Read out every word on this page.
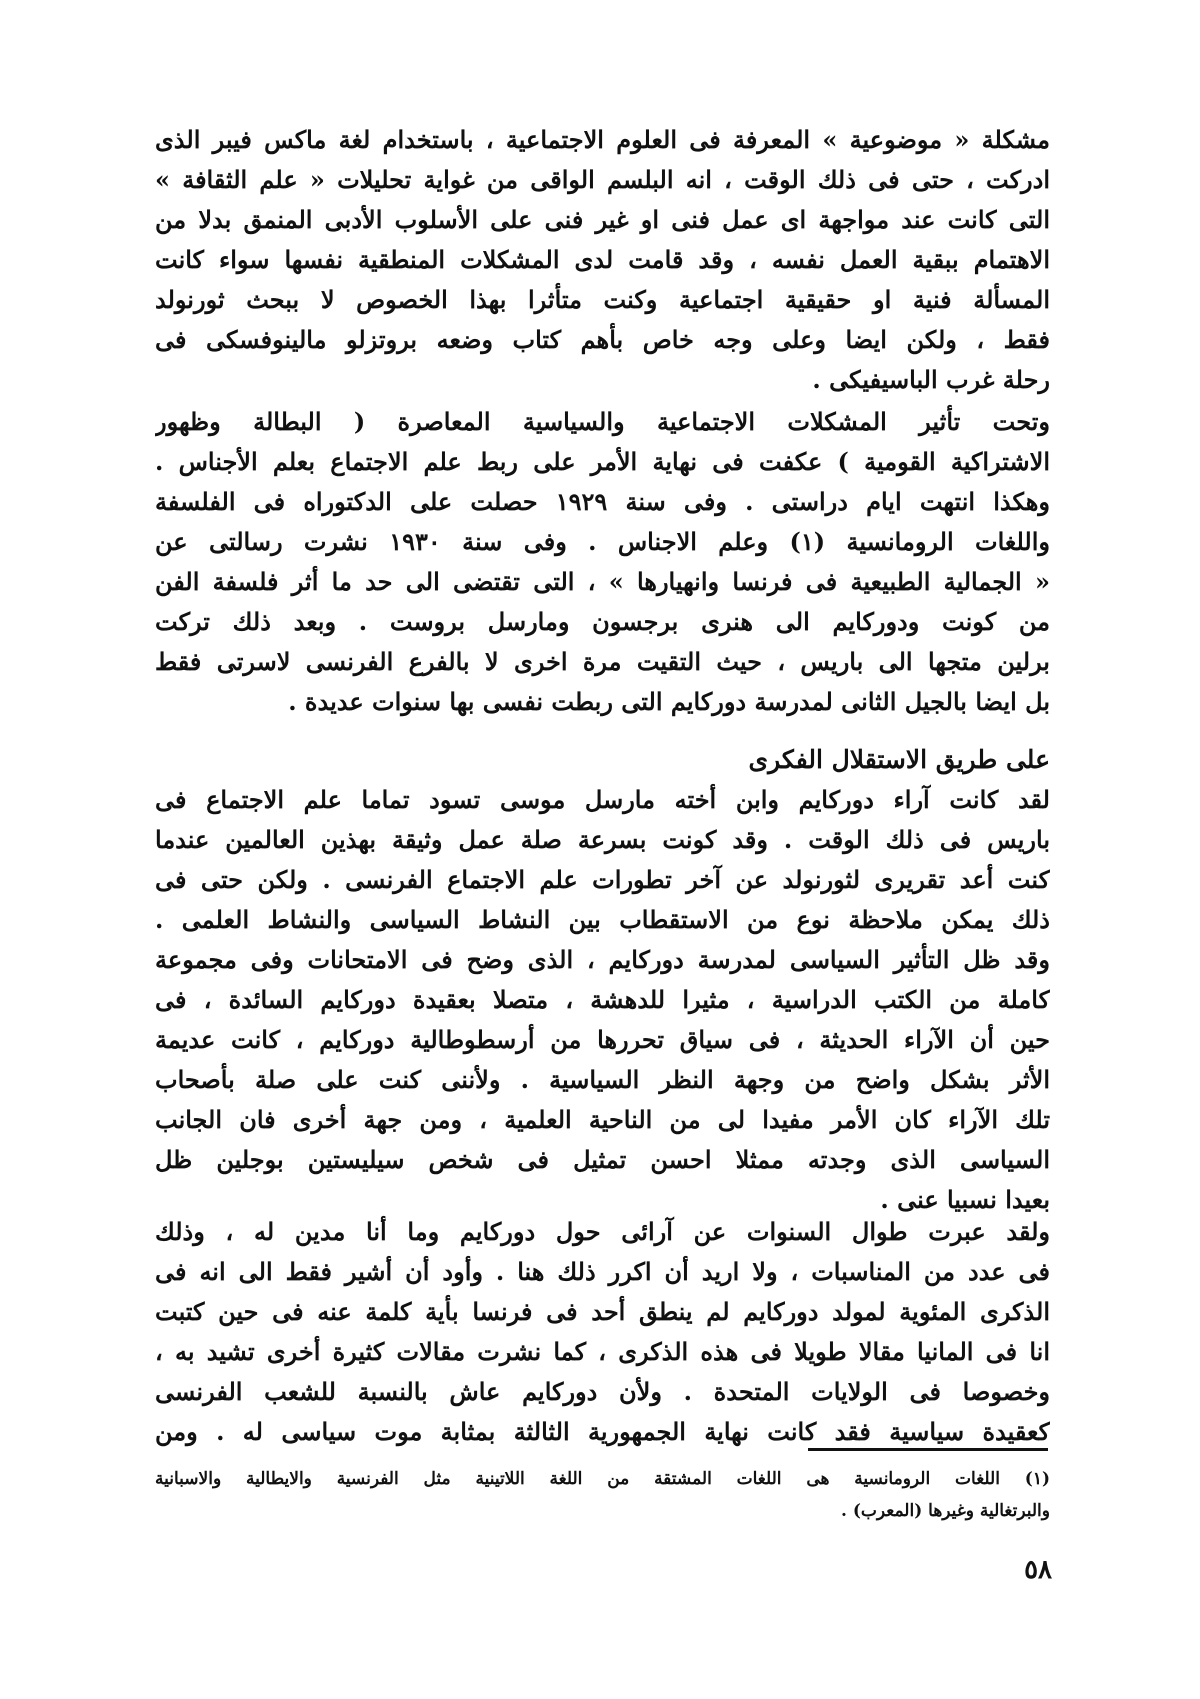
مشكلة « موضوعية » المعرفة فى العلوم الاجتماعية ، باستخدام لغة ماكس فيبر الذى
ادركت ، حتى فى ذلك الوقت ، انه البلسم الواقى من غواية تحليلات « علم الثقافة »
التى كانت عند مواجهة اى عمل فنى او غير فنى على الأسلوب الأدبى المنمق بدلا من
الاهتمام ببقية العمل نفسه ، وقد قامت لدى المشكلات المنطقية نفسها سواء كانت
المسألة فنية او حقيقية اجتماعية وكنت متأثرا بهذا الخصوص لا ببحث ثورنولد
فقط ، ولكن ايضا وعلى وجه خاص بأهم كتاب وضعه بروتزلو مالينوفسكى فى
رحلة غرب الباسيفيكى .
وتحت تأثير المشكلات الاجتماعية والسياسية المعاصرة ( البطالة وظهور
الاشتراكية القومية ) عكفت فى نهاية الأمر على ربط علم الاجتماع بعلم الأجناس .
وهكذا انتهت ايام دراستى . وفى سنة ١٩٢٩ حصلت على الدكتوراه فى الفلسفة
واللغات الرومانسية (١) وعلم الاجناس . وفى سنة ١٩٣٠ نشرت رسالتى عن
« الجمالية الطبيعية فى فرنسا وانهيارها » ، التى تقتضى الى حد ما أثر فلسفة الفن
من كونت ودوركايم الى هنرى برجسون ومارسل بروست . وبعد ذلك تركت
برلين متجها الى باريس ، حيث التقيت مرة اخرى لا بالفرع الفرنسى لاسرتى فقط
بل ايضا بالجيل الثانى لمدرسة دوركايم التى ربطت نفسى بها سنوات عديدة .
على طريق الاستقلال الفكرى
لقد كانت آراء دوركايم وابن أخته مارسل موسى تسود تماما علم الاجتماع فى
باريس فى ذلك الوقت . وقد كونت بسرعة صلة عمل وثيقة بهذين العالمين عندما
كنت أعد تقريرى لثورنولد عن آخر تطورات علم الاجتماع الفرنسى . ولكن حتى فى
ذلك يمكن ملاحظة نوع من الاستقطاب بين النشاط السياسى والنشاط العلمى .
وقد ظل التأثير السياسى لمدرسة دوركايم ، الذى وضح فى الامتحانات وفى مجموعة
كاملة من الكتب الدراسية ، مثيرا للدهشة ، متصلا بعقيدة دوركايم السائدة ، فى
حين أن الآراء الحديثة ، فى سياق تحررها من أرسطوطالية دوركايم ، كانت عديمة
الأثر بشكل واضح من وجهة النظر السياسية . ولأننى كنت على صلة بأصحاب
تلك الآراء كان الأمر مفيدا لى من الناحية العلمية ، ومن جهة أخرى فان الجانب
السياسى الذى وجدته ممثلا احسن تمثيل فى شخص سيليستين بوجلين ظل
بعيدا نسبيا عنى .
ولقد عبرت طوال السنوات عن آرائى حول دوركايم وما أنا مدين له ، وذلك
فى عدد من المناسبات ، ولا اريد أن اكرر ذلك هنا . وأود أن أشير فقط الى انه فى
الذكرى المئوية لمولد دوركايم لم ينطق أحد فى فرنسا بأية كلمة عنه فى حين كتبت
انا فى المانيا مقالا طويلا فى هذه الذكرى ، كما نشرت مقالات كثيرة أخرى تشيد به ،
وخصوصا فى الولايات المتحدة . ولأن دوركايم عاش بالنسبة للشعب الفرنسى
كعقيدة سياسية فقد كانت نهاية الجمهورية الثالثة بمثابة موت سياسى له . ومن
(١) اللغات الرومانسية هى اللغات المشتقة من اللغة اللاتينية مثل الفرنسية والايطالية والاسبانية
والبرتغالية وغيرها (المعرب) .
٥٨
